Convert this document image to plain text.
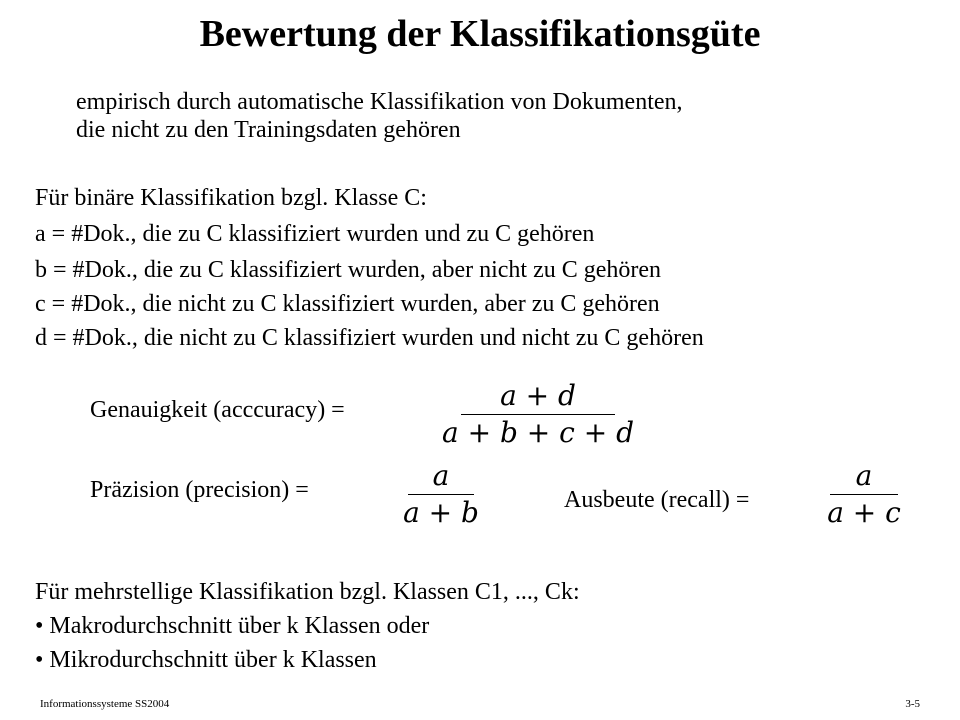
Bewertung der Klassifikationsgüte
empirisch durch automatische Klassifikation von Dokumenten,
die nicht zu den Trainingsdaten gehören
Für binäre Klassifikation bzgl. Klasse C:
a = #Dok., die zu C klassifiziert wurden und zu C gehören
b = #Dok., die zu C klassifiziert wurden, aber nicht zu C gehören
c = #Dok., die nicht zu C klassifiziert wurden, aber zu C gehören
d = #Dok., die nicht zu C klassifiziert wurden und nicht zu C gehören
Genauigkeit (acccuracy) =	a + d
a + b + c + d
Präzision (precision) =	a
a + b	Ausbeute (recall) =
a
a + c
Für mehrstellige Klassifikation bzgl. Klassen C1, ..., Ck:
• Makrodurchschnitt über k Klassen oder
• Mikrodurchschnitt über k Klassen
Informationssysteme SS2004	3-5
